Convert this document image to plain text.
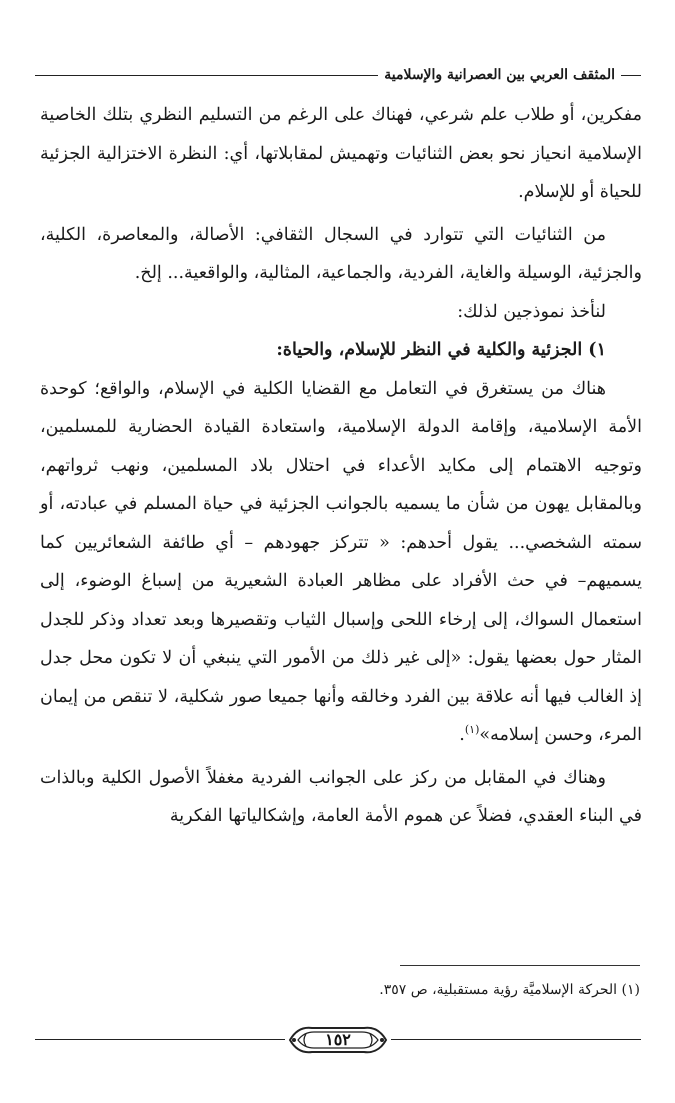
المثقف العربي بين العصرانية والإسلامية

مفكرين، أو طلاب علم شرعي، فهناك على الرغم من التسليم النظري بتلك الخاصية الإسلامية انحياز نحو بعض الثنائيات وتهميش لمقابلاتها، أي: النظرة الاختزالية الجزئية للحياة أو للإسلام.

من الثنائيات التي تتوارد في السجال الثقافي: الأصالة، والمعاصرة، الكلية، والجزئية، الوسيلة والغاية، الفردية، والجماعية، المثالية، والواقعية... إلخ.

لنأخذ نموذجين لذلك:

١) الجزئية والكلية في النظر للإسلام، والحياة:

هناك من يستغرق في التعامل مع القضايا الكلية في الإسلام، والواقع؛ كوحدة الأمة الإسلامية، وإقامة الدولة الإسلامية، واستعادة القيادة الحضارية للمسلمين، وتوجيه الاهتمام إلى مكايد الأعداء في احتلال بلاد المسلمين، ونهب ثرواتهم، وبالمقابل يهون من شأن ما يسميه بالجوانب الجزئية في حياة المسلم في عبادته، أو سمته الشخصي... يقول أحدهم: « تتركز جهودهم – أي طائفة الشعائريين كما يسميهم– في حث الأفراد على مظاهر العبادة الشعيرية من إسباغ الوضوء، إلى استعمال السواك، إلى إرخاء اللحى وإسبال الثياب وتقصيرها وبعد تعداد وذكر للجدل المثار حول بعضها يقول: «إلى غير ذلك من الأمور التي ينبغي أن لا تكون محل جدل إذ الغالب فيها أنه علاقة بين الفرد وخالقه وأنها جميعا صور شكلية، لا تنقص من إيمان المرء، وحسن إسلامه»$^{(١)}$.

وهناك في المقابل من ركز على الجوانب الفردية مغفلاً الأصول الكلية وبالذات في البناء العقدي، فضلاً عن هموم الأمة العامة، وإشكالياتها الفكرية

(١) الحركة الإسلاميَّة رؤية مستقبلية، ص ٣٥٧.
١٥٢
